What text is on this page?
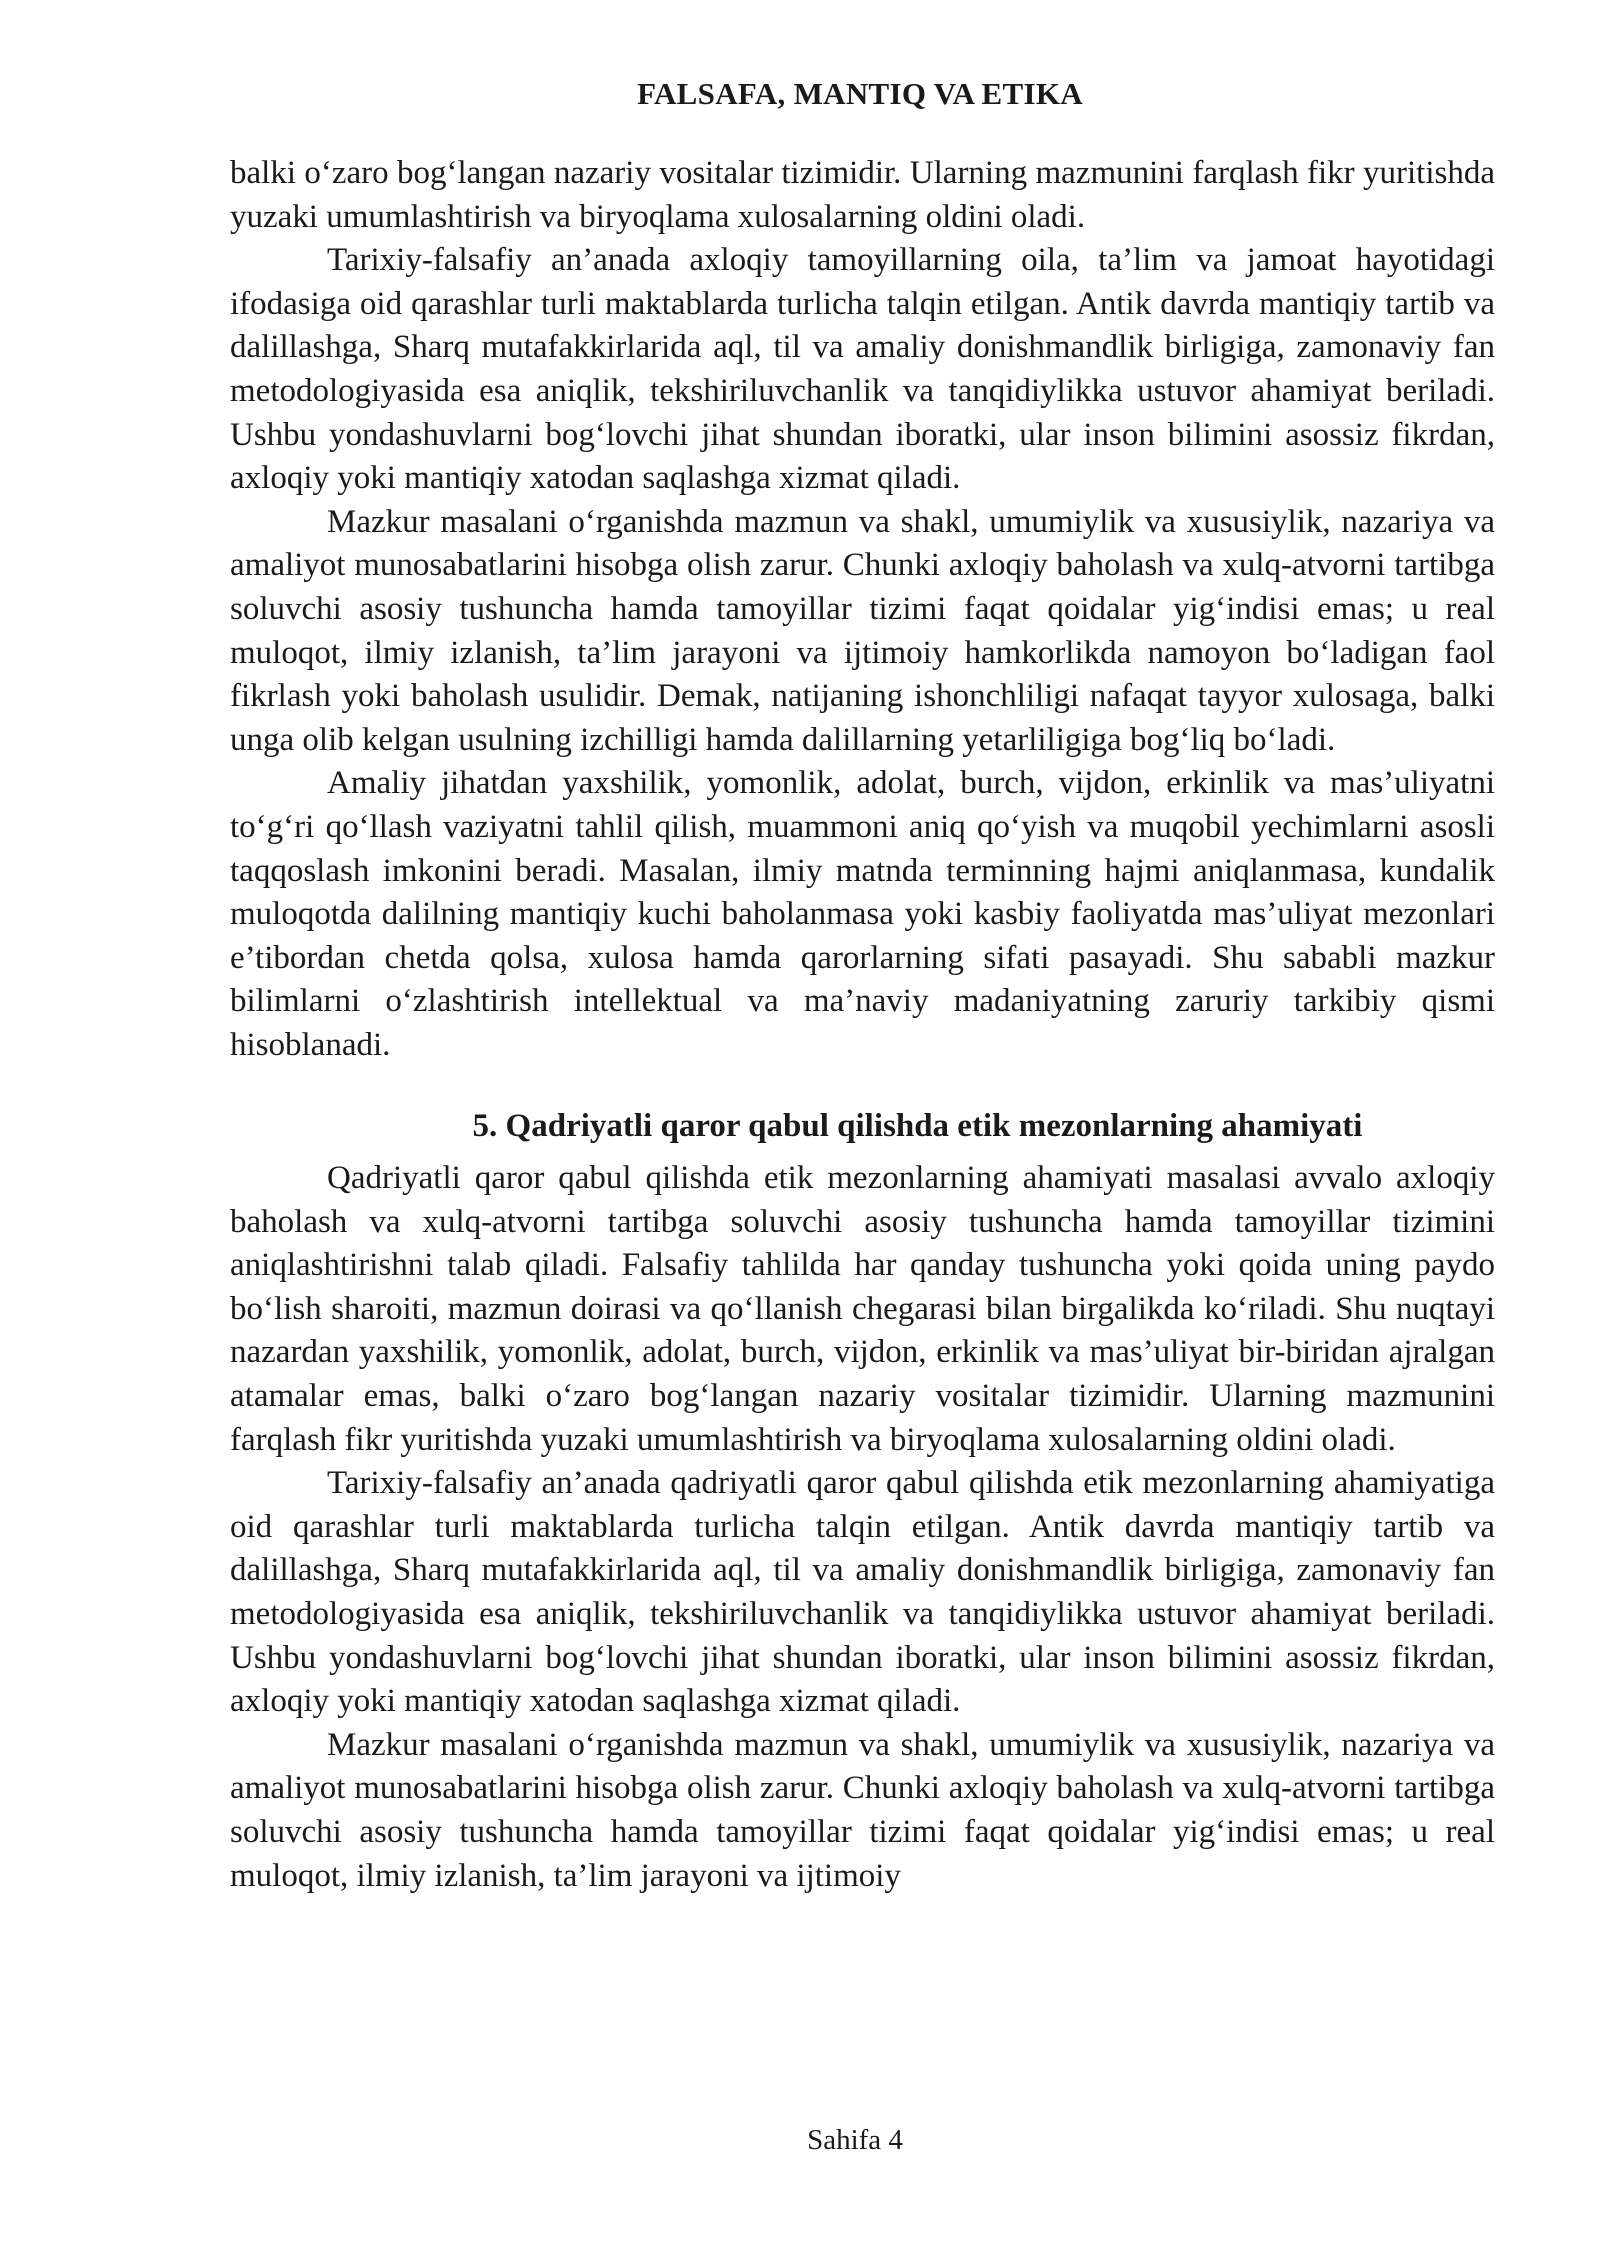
FALSAFA, MANTIQ VA ETIKA

balki o‘zaro bog‘langan nazariy vositalar tizimidir. Ularning mazmunini farqlash fikr yuritishda yuzaki umumlashtirish va biryoqlama xulosalarning oldini oladi.

Tarixiy-falsafiy an’anada axloqiy tamoyillarning oila, ta’lim va jamoat hayotidagi ifodasiga oid qarashlar turli maktablarda turlicha talqin etilgan. Antik davrda mantiqiy tartib va dalillashga, Sharq mutafakkirlarida aql, til va amaliy donishmandlik birligiga, zamonaviy fan metodologiyasida esa aniqlik, tekshiriluvchanlik va tanqidiylikka ustuvor ahamiyat beriladi. Ushbu yondashuvlarni bog‘lovchi jihat shundan iboratki, ular inson bilimini asossiz fikrdan, axloqiy yoki mantiqiy xatodan saqlashga xizmat qiladi.

Mazkur masalani o‘rganishda mazmun va shakl, umumiylik va xususiylik, nazariya va amaliyot munosabatlarini hisobga olish zarur. Chunki axloqiy baholash va xulq-atvorni tartibga soluvchi asosiy tushuncha hamda tamoyillar tizimi faqat qoidalar yig‘indisi emas; u real muloqot, ilmiy izlanish, ta’lim jarayoni va ijtimoiy hamkorlikda namoyon bo‘ladigan faol fikrlash yoki baholash usulidir. Demak, natijaning ishonchliligi nafaqat tayyor xulosaga, balki unga olib kelgan usulning izchilligi hamda dalillarning yetarliligiga bog‘liq bo‘ladi.

Amaliy jihatdan yaxshilik, yomonlik, adolat, burch, vijdon, erkinlik va mas’uliyatni to‘g‘ri qo‘llash vaziyatni tahlil qilish, muammoni aniq qo‘yish va muqobil yechimlarni asosli taqqoslash imkonini beradi. Masalan, ilmiy matnda terminning hajmi aniqlanmasa, kundalik muloqotda dalilning mantiqiy kuchi baholanmasa yoki kasbiy faoliyatda mas’uliyat mezonlari e’tibordan chetda qolsa, xulosa hamda qarorlarning sifati pasayadi. Shu sababli mazkur bilimlarni o‘zlashtirish intellektual va ma’naviy madaniyatning zaruriy tarkibiy qismi hisoblanadi.

5. Qadriyatli qaror qabul qilishda etik mezonlarning ahamiyati

Qadriyatli qaror qabul qilishda etik mezonlarning ahamiyati masalasi avvalo axloqiy baholash va xulq-atvorni tartibga soluvchi asosiy tushuncha hamda tamoyillar tizimini aniqlashtirishni talab qiladi. Falsafiy tahlilda har qanday tushuncha yoki qoida uning paydo bo‘lish sharoiti, mazmun doirasi va qo‘llanish chegarasi bilan birgalikda ko‘riladi. Shu nuqtayi nazardan yaxshilik, yomonlik, adolat, burch, vijdon, erkinlik va mas’uliyat bir-biridan ajralgan atamalar emas, balki o‘zaro bog‘langan nazariy vositalar tizimidir. Ularning mazmunini farqlash fikr yuritishda yuzaki umumlashtirish va biryoqlama xulosalarning oldini oladi.

Tarixiy-falsafiy an’anada qadriyatli qaror qabul qilishda etik mezonlarning ahamiyatiga oid qarashlar turli maktablarda turlicha talqin etilgan. Antik davrda mantiqiy tartib va dalillashga, Sharq mutafakkirlarida aql, til va amaliy donishmandlik birligiga, zamonaviy fan metodologiyasida esa aniqlik, tekshiriluvchanlik va tanqidiylikka ustuvor ahamiyat beriladi. Ushbu yondashuvlarni bog‘lovchi jihat shundan iboratki, ular inson bilimini asossiz fikrdan, axloqiy yoki mantiqiy xatodan saqlashga xizmat qiladi.

Mazkur masalani o‘rganishda mazmun va shakl, umumiylik va xususiylik, nazariya va amaliyot munosabatlarini hisobga olish zarur. Chunki axloqiy baholash va xulq-atvorni tartibga soluvchi asosiy tushuncha hamda tamoyillar tizimi faqat qoidalar yig‘indisi emas; u real muloqot, ilmiy izlanish, ta’lim jarayoni va ijtimoiy

Sahifa 4
